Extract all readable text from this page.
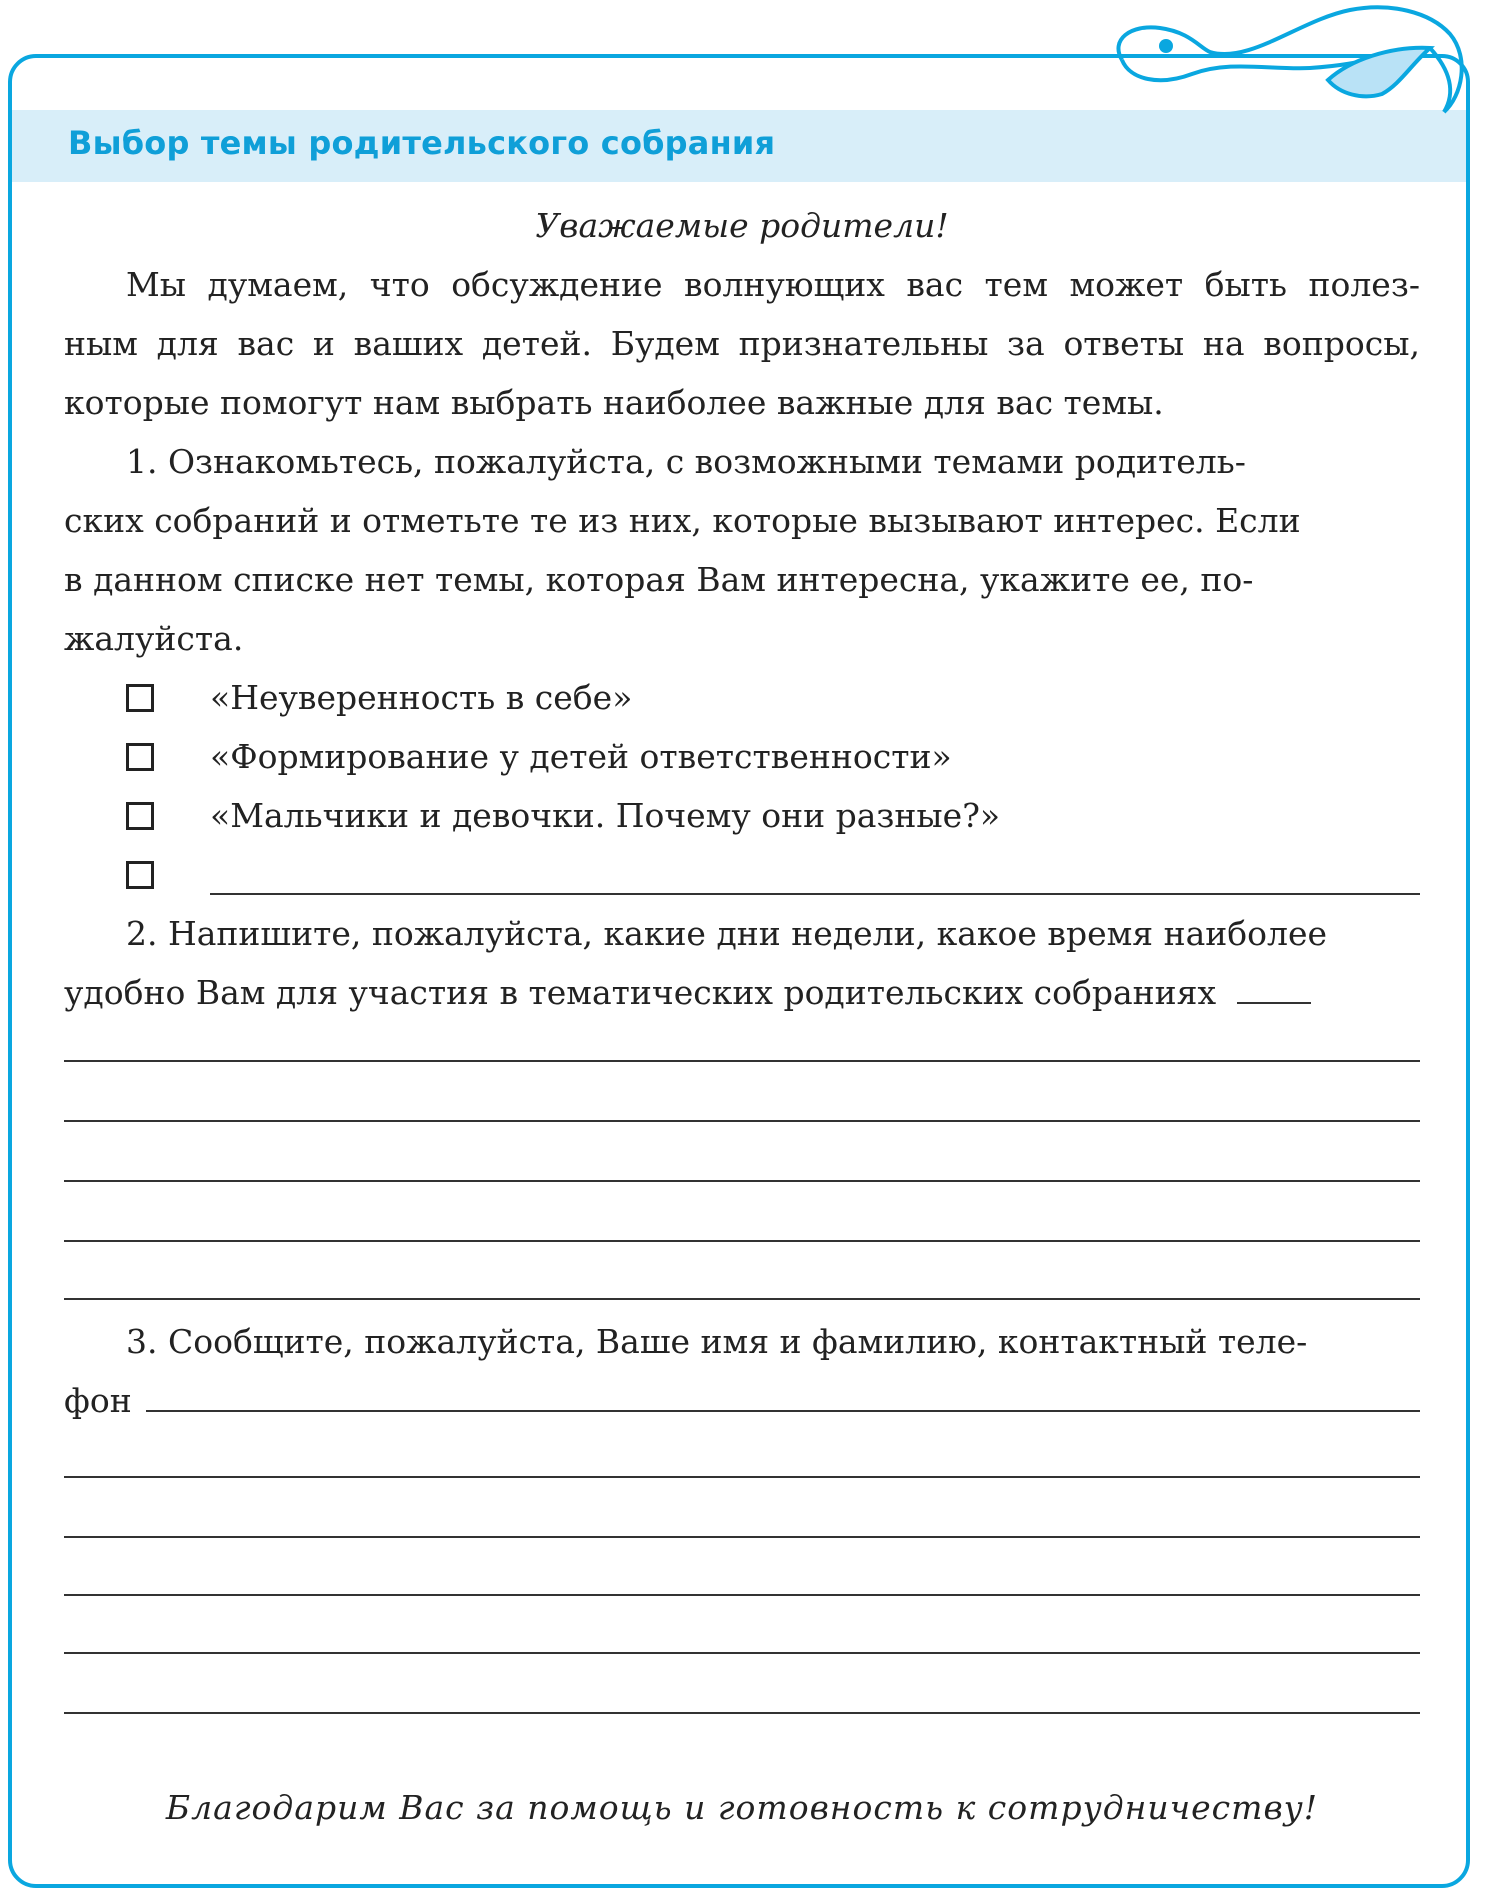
Выбор темы родительского собрания
Уважаемые родители!
Мы думаем, что обсуждение волнующих вас тем может быть полез-
ным для вас и ваших детей. Будем признательны за ответы на вопросы,
которые помогут нам выбрать наиболее важные для вас темы.
1. Ознакомьтесь, пожалуйста, с возможными темами родитель-
ских собраний и отметьте те из них, которые вызывают интерес. Если
в данном списке нет темы, которая Вам интересна, укажите ее, по-
жалуйста.
«Неуверенность в себе»
«Формирование у детей ответственности»
«Мальчики и девочки. Почему они разные?»
2. Напишите, пожалуйста, какие дни недели, какое время наиболее
удобно Вам для участия в тематических родительских собраниях
3. Сообщите, пожалуйста, Ваше имя и фамилию, контактный теле-
фон
Благодарим Вас за помощь и готовность к сотрудничеству!
